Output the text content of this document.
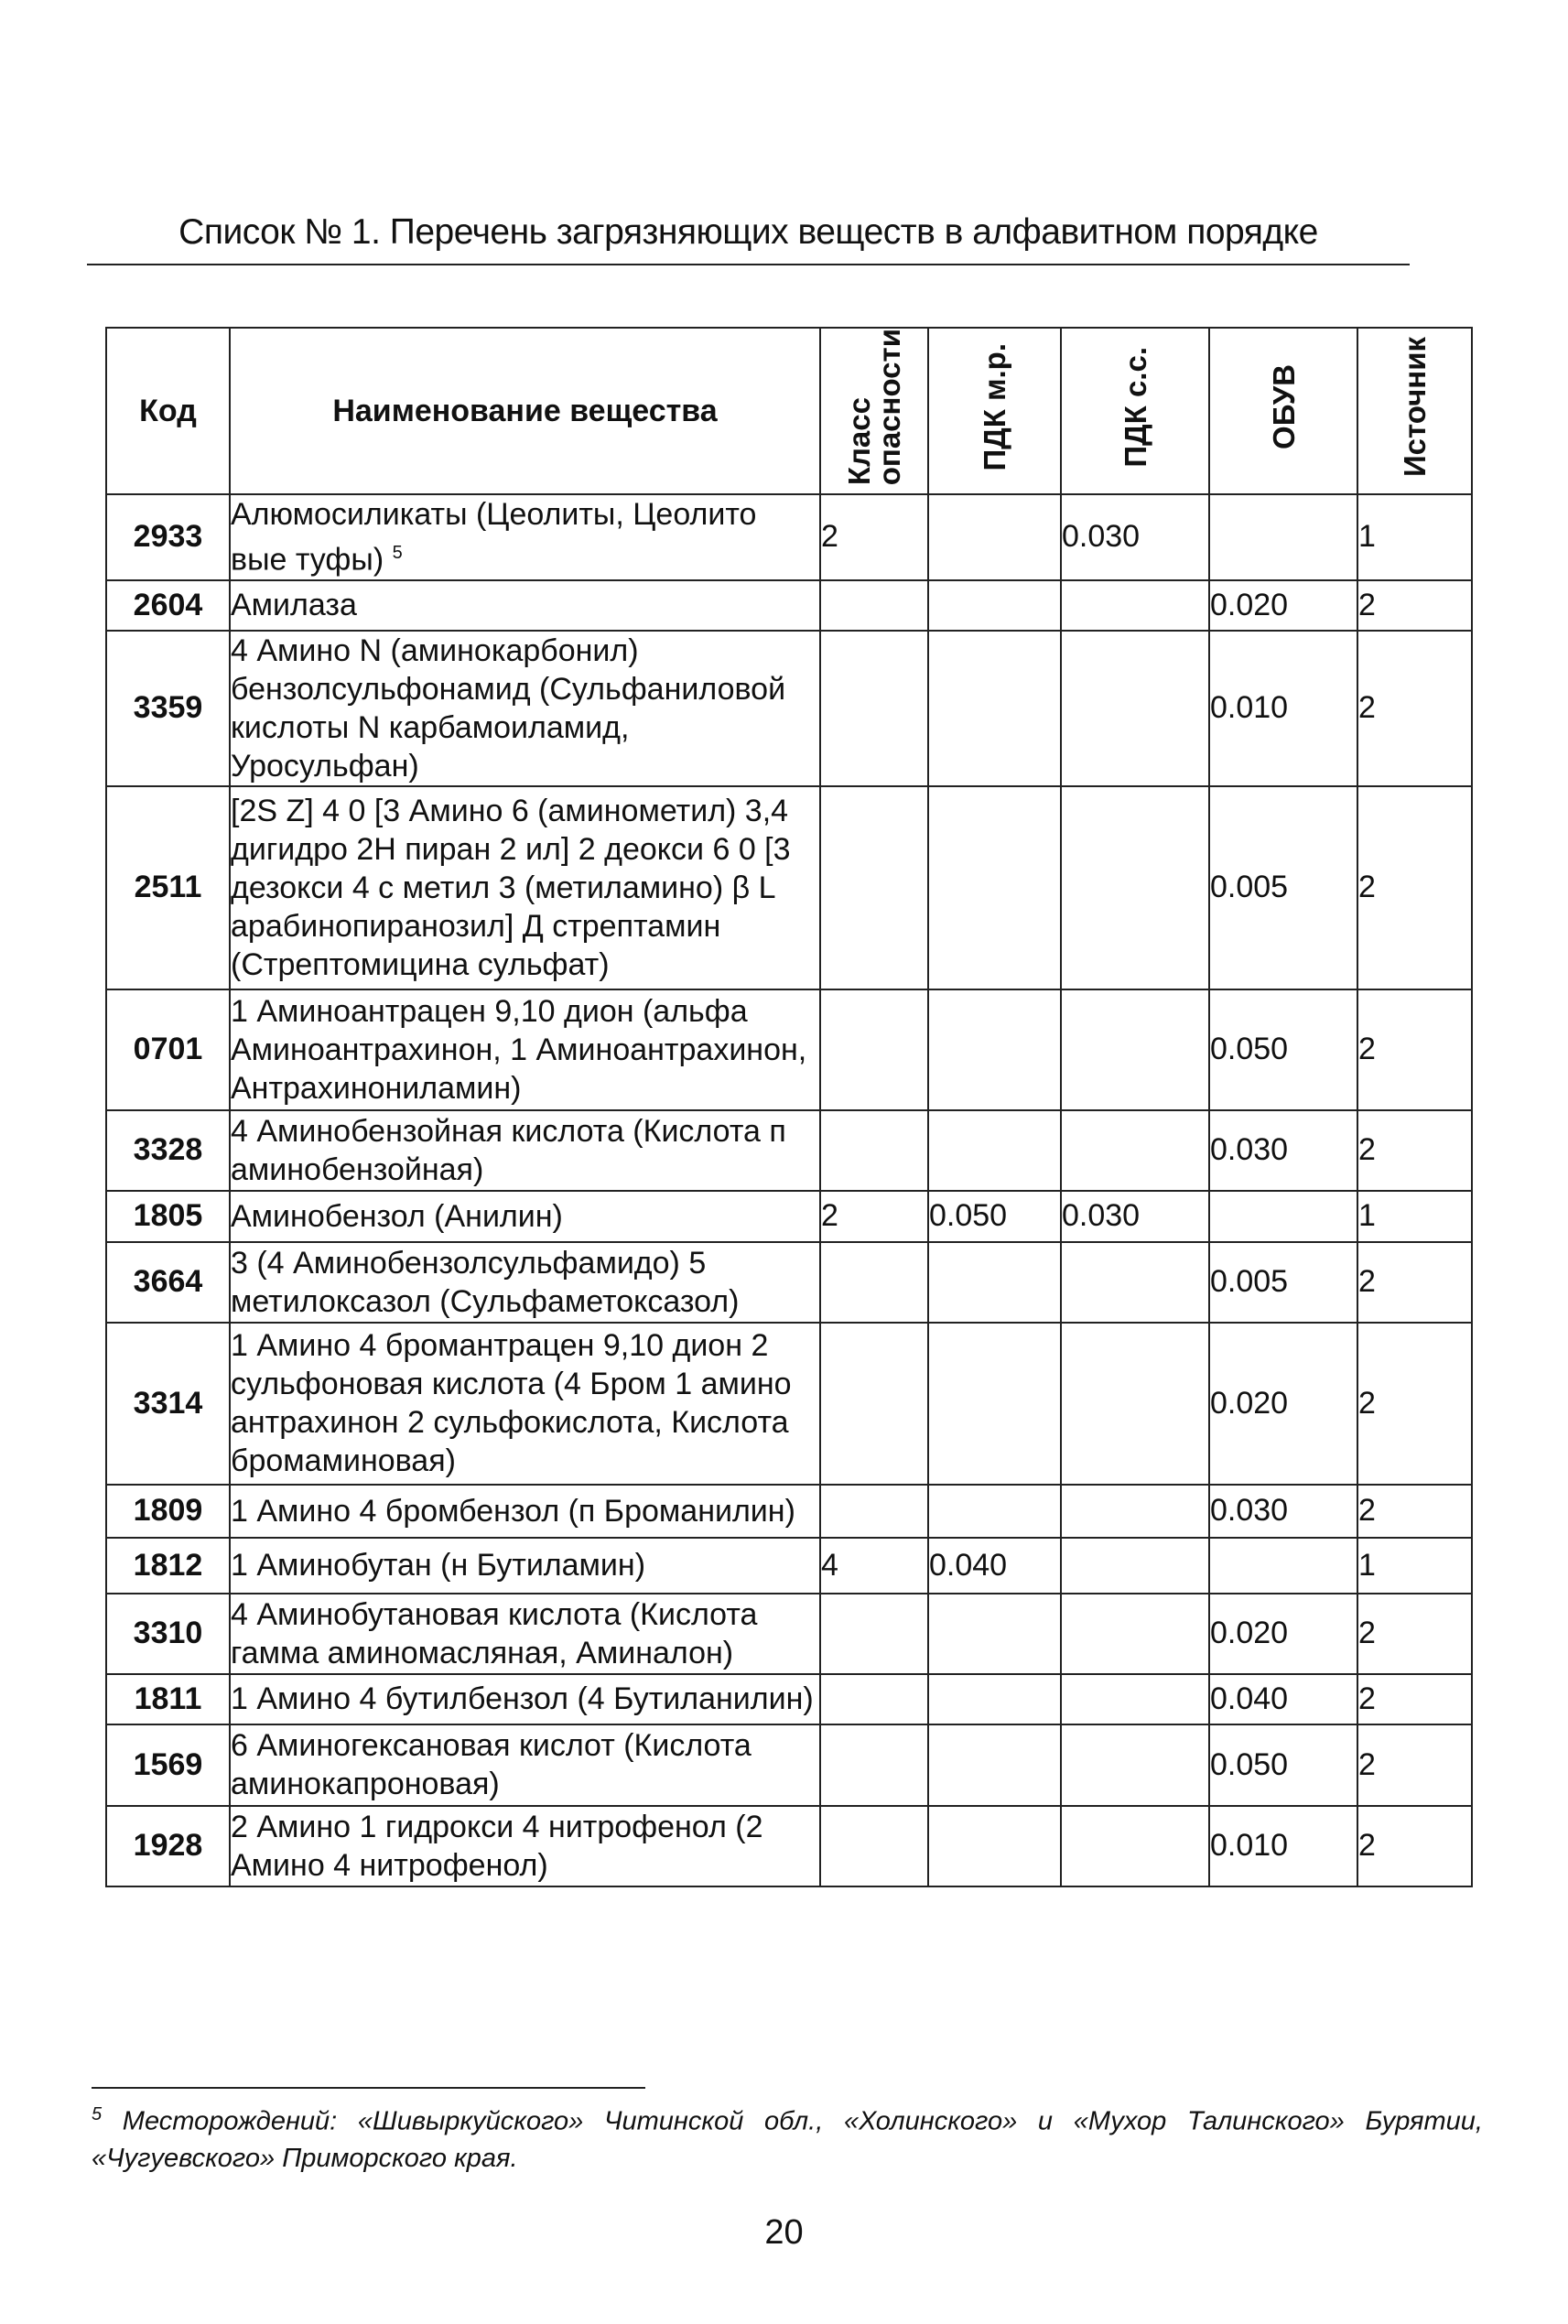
Список № 1. Перечень загрязняющих веществ в алфавитном порядке
Код	Наименование вещества	Классопасности	ПДК м.р.	ПДК с.с.	ОБУВ	Источник
2933	Алюмосиликаты (Цеолиты, Цеолито вые туфы) $^5$	2		0.030		1
2604	Амилаза				0.020	2
3359	4 Амино N (аминокарбонил) бензолсульфонамид (Сульфаниловой кислоты N карбамоиламид, Уросульфан)				0.010	2
2511	[2S Z] 4 0 [3 Амино 6 (аминометил) 3,4 дигидро 2H пиран 2 ил] 2 деокси 6 0 [3 дезокси 4 с метил 3 (метиламино) β L арабинопиранозил] Д стрептамин (Стрептомицина сульфат)				0.005	2
0701	1 Аминоантрацен 9,10 дион (альфа Аминоантрахинон, 1 Аминоантрахинон, Антрахинониламин)				0.050	2
3328	4 Аминобензойная кислота (Кислота п аминобензойная)				0.030	2
1805	Аминобензол (Анилин)	2	0.050	0.030		1
3664	3 (4 Аминобензолсульфамидо) 5 метилоксазол (Сульфаметоксазол)				0.005	2
3314	1 Амино 4 бромантрацен 9,10 дион 2 сульфоновая кислота (4 Бром 1 амино антрахинон 2 сульфокислота, Кислота бромаминовая)				0.020	2
1809	1 Амино 4 бромбензол (п Броманилин)				0.030	2
1812	1 Аминобутан (н Бутиламин)	4	0.040			1
3310	4 Аминобутановая кислота (Кислота гамма аминомасляная, Аминалон)				0.020	2
1811	1 Амино 4 бутилбензол (4 Бутиланилин)				0.040	2
1569	6 Аминогексановая кислот (Кислота аминокапроновая)				0.050	2
1928	2 Амино 1 гидрокси 4 нитрофенол (2 Амино 4 нитрофенол)				0.010	2
$^5$ Месторождений: «Шивыркуйского» Читинской обл., «Холинского» и «Мухор Талинского» Бурятии, «Чугуевского» Приморского края.
20
